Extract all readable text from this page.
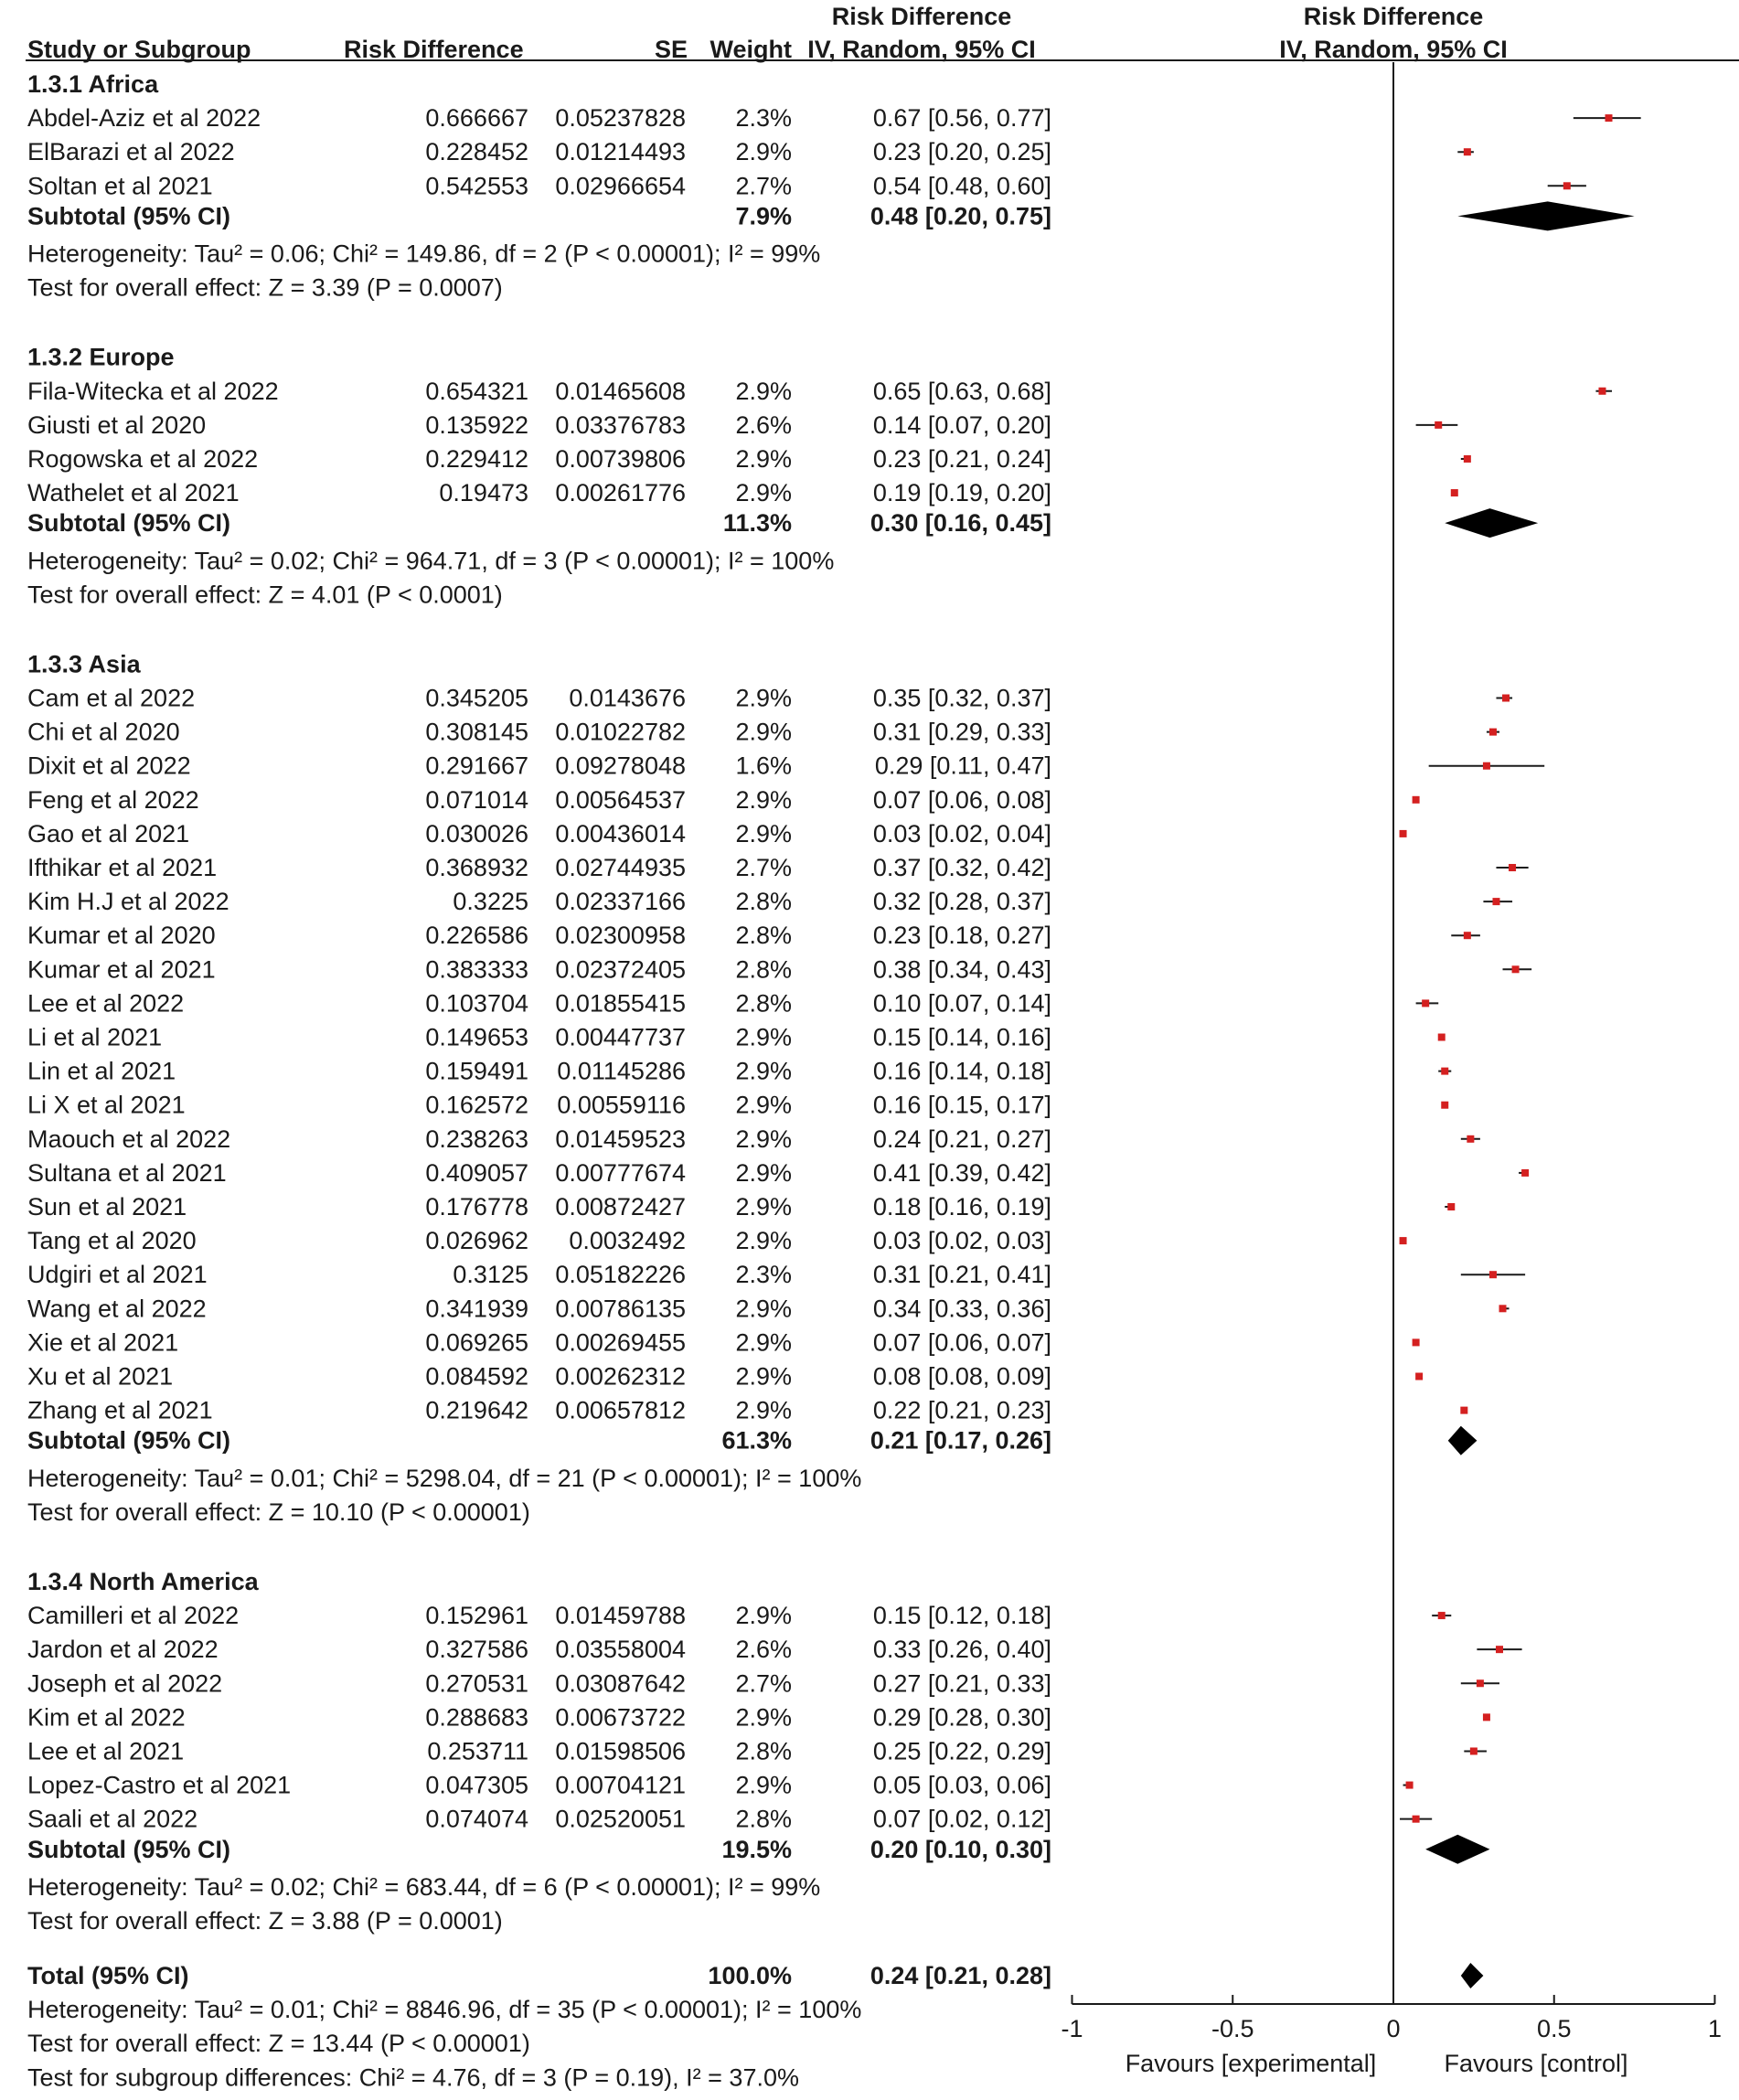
Study or Subgroup	Risk Difference	SE Weight
Risk Difference
IV, Random, 95% CI
Risk Difference
IV, Random, 95% CI
1.3.1 Africa
Abdel-Aziz et al 2022	0.666667 0.05237828 2.3%	0.67 [0.56, 0.77]
ElBarazi et al 2022	0.228452 0.01214493 2.9%	0.23 [0.20, 0.25]
Soltan et al 2021	0.542553 0.02966654 2.7%	0.54 [0.48, 0.60]
Subtotal (95% CI)	7.9%	0.48 [0.20, 0.75]
Heterogeneity: Tau² = 0.06; Chi² = 149.86, df = 2 (P < 0.00001); I² = 99%
Test for overall effect: Z = 3.39 (P = 0.0007)
1.3.2 Europe
Fila-Witecka et al 2022	0.654321 0.01465608 2.9%	0.65 [0.63, 0.68]
Giusti et al 2020	0.135922 0.03376783 2.6%	0.14 [0.07, 0.20]
Rogowska et al 2022	0.229412 0.00739806 2.9%	0.23 [0.21, 0.24]
Wathelet et al 2021	0.19473 0.00261776 2.9%	0.19 [0.19, 0.20]
Subtotal (95% CI)	11.3%	0.30 [0.16, 0.45]
Heterogeneity: Tau² = 0.02; Chi² = 964.71, df = 3 (P < 0.00001); I² = 100%
Test for overall effect: Z = 4.01 (P < 0.0001)
1.3.3 Asia
Cam et al 2022	0.345205 0.0143676 2.9%	0.35 [0.32, 0.37]
Chi et al 2020	0.308145 0.01022782 2.9%	0.31 [0.29, 0.33]
Dixit et al 2022	0.291667 0.09278048 1.6%	0.29 [0.11, 0.47]
Feng et al 2022	0.071014 0.00564537 2.9%	0.07 [0.06, 0.08]
Gao et al 2021	0.030026 0.00436014 2.9%	0.03 [0.02, 0.04]
Ifthikar et al 2021	0.368932 0.02744935 2.7%	0.37 [0.32, 0.42]
Kim H.J et al 2022	0.3225 0.02337166 2.8%	0.32 [0.28, 0.37]
Kumar et al 2020	0.226586 0.02300958 2.8%	0.23 [0.18, 0.27]
Kumar et al 2021	0.383333 0.02372405 2.8%	0.38 [0.34, 0.43]
Lee et al 2022	0.103704 0.01855415 2.8%	0.10 [0.07, 0.14]
Li et al 2021	0.149653 0.00447737 2.9%	0.15 [0.14, 0.16]
Lin et al 2021	0.159491 0.01145286 2.9%	0.16 [0.14, 0.18]
Li X et al 2021	0.162572 0.00559116 2.9%	0.16 [0.15, 0.17]
Maouch et al 2022	0.238263 0.01459523 2.9%	0.24 [0.21, 0.27]
Sultana et al 2021	0.409057 0.00777674 2.9%	0.41 [0.39, 0.42]
Sun et al 2021	0.176778 0.00872427 2.9%	0.18 [0.16, 0.19]
Tang et al 2020	0.026962 0.0032492 2.9%	0.03 [0.02, 0.03]
Udgiri et al 2021	0.3125 0.05182226 2.3%	0.31 [0.21, 0.41]
Wang et al 2022	0.341939 0.00786135 2.9%	0.34 [0.33, 0.36]
Xie et al 2021	0.069265 0.00269455 2.9%	0.07 [0.06, 0.07]
Xu et al 2021	0.084592 0.00262312 2.9%	0.08 [0.08, 0.09]
Zhang et al 2021	0.219642 0.00657812 2.9%	0.22 [0.21, 0.23]
Subtotal (95% CI)	61.3%	0.21 [0.17, 0.26]
Heterogeneity: Tau² = 0.01; Chi² = 5298.04, df = 21 (P < 0.00001); I² = 100%
Test for overall effect: Z = 10.10 (P < 0.00001)
1.3.4 North America
Camilleri et al 2022	0.152961 0.01459788 2.9%	0.15 [0.12, 0.18]
Jardon et al 2022	0.327586 0.03558004 2.6%	0.33 [0.26, 0.40]
Joseph et al 2022	0.270531 0.03087642 2.7%	0.27 [0.21, 0.33]
Kim et al 2022	0.288683 0.00673722 2.9%	0.29 [0.28, 0.30]
Lee et al 2021	0.253711 0.01598506 2.8%	0.25 [0.22, 0.29]
Lopez-Castro et al 2021	0.047305 0.00704121 2.9%	0.05 [0.03, 0.06]
Saali et al 2022	0.074074 0.02520051 2.8%	0.07 [0.02, 0.12]
Subtotal (95% CI)	19.5%	0.20 [0.10, 0.30]
Heterogeneity: Tau² = 0.02; Chi² = 683.44, df = 6 (P < 0.00001); I² = 99%
Test for overall effect: Z = 3.88 (P = 0.0001)
Total (95% CI)	100.0%	0.24 [0.21, 0.28]
Heterogeneity: Tau² = 0.01; Chi² = 8846.96, df = 35 (P < 0.00001); I² = 100%
Test for overall effect: Z = 13.44 (P < 0.00001)
Test for subgroup differences: Chi² = 4.76, df = 3 (P = 0.19), I² = 37.0%
-1	-0.5	0	0.5	1
Favours [experimental]	Favours [control]
